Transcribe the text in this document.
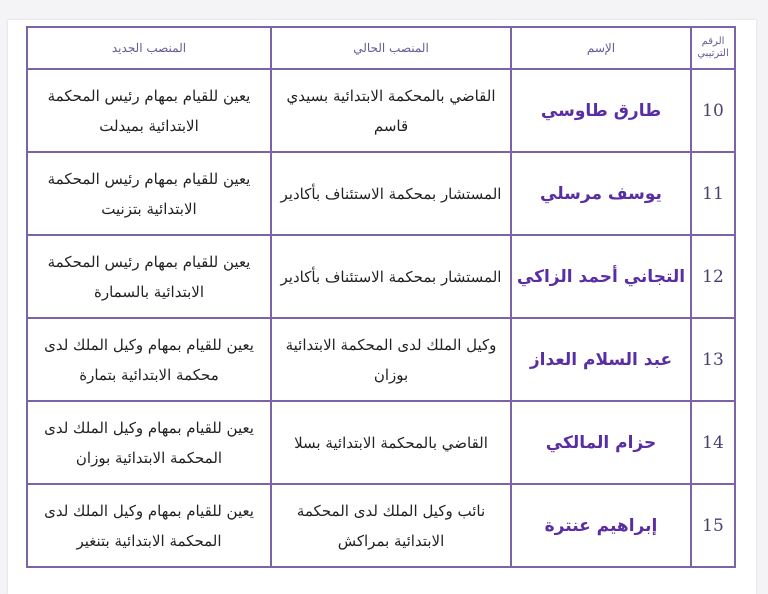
الرقم الترتيبي	الإسم	المنصب الحالي	المنصب الجديد
10	طارق طاوسي	القاضي بالمحكمة الابتدائية بسيدي قاسم	يعين للقيام بمهام رئيس المحكمة الابتدائية بميدلت
11	يوسف مرسلي	المستشار بمحكمة الاستئناف بأكادير	يعين للقيام بمهام رئيس المحكمة الابتدائية بتزنيت
12	التجاني أحمد الزاكي	المستشار بمحكمة الاستئناف بأكادير	يعين للقيام بمهام رئيس المحكمة الابتدائية بالسمارة
13	عبد السلام العداز	وكيل الملك لدى المحكمة الابتدائية بوزان	يعين للقيام بمهام وكيل الملك لدى محكمة الابتدائية بتمارة
14	حزام المالكي	القاضي بالمحكمة الابتدائية بسلا	يعين للقيام بمهام وكيل الملك لدى المحكمة الابتدائية بوزان
15	إبراهيم عنترة	نائب وكيل الملك لدى المحكمة الابتدائية بمراكش	يعين للقيام بمهام وكيل الملك لدى المحكمة الابتدائية بتنغير
